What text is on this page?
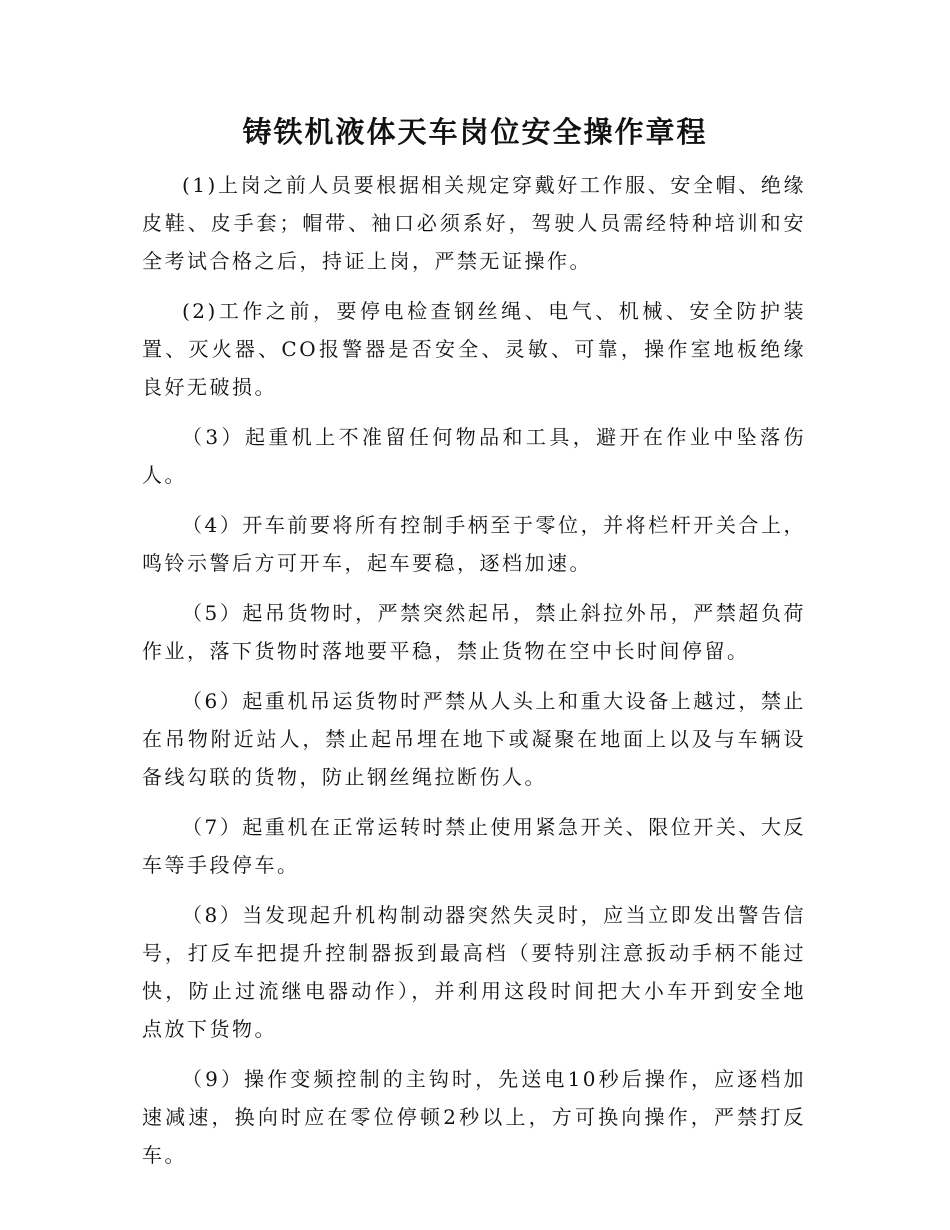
铸铁机液体天车岗位安全操作章程

(1)上岗之前人员要根据相关规定穿戴好工作服、安全帽、绝缘皮鞋、皮手套；帽带、袖口必须系好，驾驶人员需经特种培训和安全考试合格之后，持证上岗，严禁无证操作。

(2)工作之前，要停电检查钢丝绳、电气、机械、安全防护装置、灭火器、CO报警器是否安全、灵敏、可靠，操作室地板绝缘良好无破损。

（3）起重机上不准留任何物品和工具，避开在作业中坠落伤人。

（4）开车前要将所有控制手柄至于零位，并将栏杆开关合上，鸣铃示警后方可开车，起车要稳，逐档加速。

（5）起吊货物时，严禁突然起吊，禁止斜拉外吊，严禁超负荷作业，落下货物时落地要平稳，禁止货物在空中长时间停留。

（6）起重机吊运货物时严禁从人头上和重大设备上越过，禁止在吊物附近站人，禁止起吊埋在地下或凝聚在地面上以及与车辆设备线勾联的货物，防止钢丝绳拉断伤人。

（7）起重机在正常运转时禁止使用紧急开关、限位开关、大反车等手段停车。

（8）当发现起升机构制动器突然失灵时，应当立即发出警告信号，打反车把提升控制器扳到最高档（要特别注意扳动手柄不能过快，防止过流继电器动作），并利用这段时间把大小车开到安全地点放下货物。

（9）操作变频控制的主钩时，先送电10秒后操作，应逐档加速减速，换向时应在零位停顿2秒以上，方可换向操作，严禁打反车。
